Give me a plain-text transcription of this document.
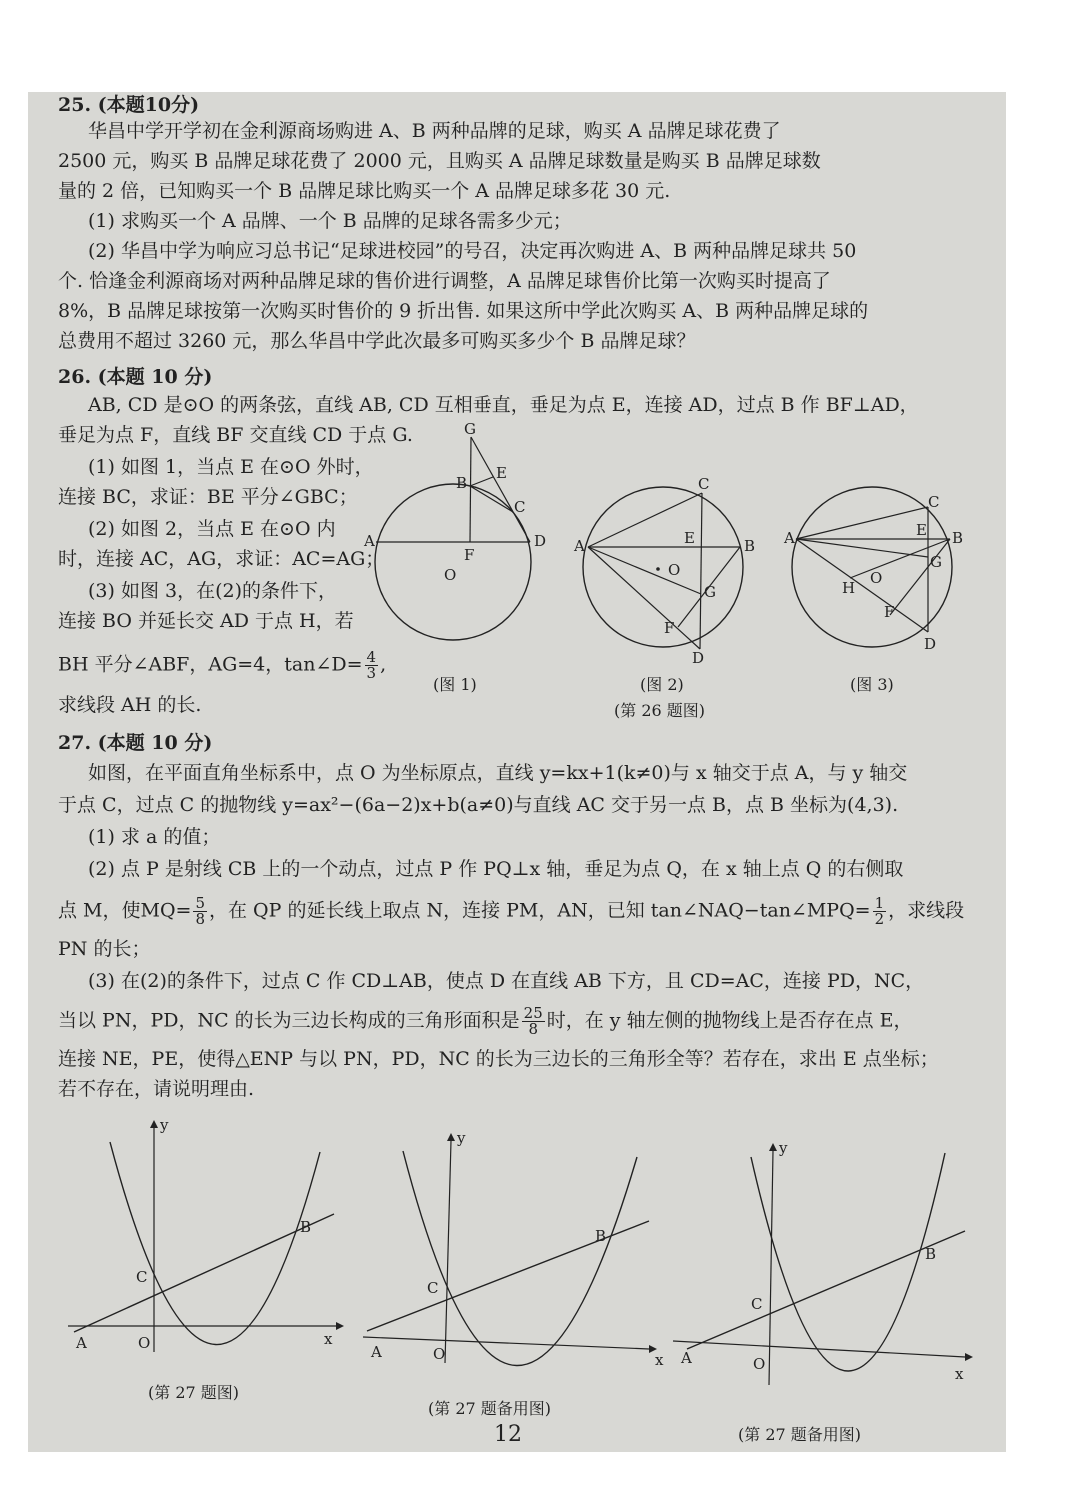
25. (本题10分)
华昌中学开学初在金利源商场购进 A、B 两种品牌的足球，购买 A 品牌足球花费了
2500 元，购买 B 品牌足球花费了 2000 元，且购买 A 品牌足球数量是购买 B 品牌足球数
量的 2 倍，已知购买一个 B 品牌足球比购买一个 A 品牌足球多花 30 元.
(1) 求购买一个 A 品牌、一个 B 品牌的足球各需多少元；
(2) 华昌中学为响应习总书记“足球进校园”的号召，决定再次购进 A、B 两种品牌足球共 50
个. 恰逢金利源商场对两种品牌足球的售价进行调整，A 品牌足球售价比第一次购买时提高了
8%，B 品牌足球按第一次购买时售价的 9 折出售. 如果这所中学此次购买 A、B 两种品牌足球的
总费用不超过 3260 元，那么华昌中学此次最多可购买多少个 B 品牌足球？
26. (本题 10 分)
AB, CD 是⊙O 的两条弦，直线 AB, CD 互相垂直，垂足为点 E，连接 AD，过点 B 作 BF⊥AD，
垂足为点 F，直线 BF 交直线 CD 于点 G.
(1) 如图 1，当点 E 在⊙O 外时，
连接 BC，求证：BE 平分∠GBC；
(2) 如图 2，当点 E 在⊙O 内
时，连接 AC，AG，求证：AC=AG；
(3) 如图 3，在(2)的条件下，
连接 BO 并延长交 AD 于点 H，若
BH 平分∠ABF，AG=4，tan∠D= $\frac{4}{3}$ ,
求线段 AH 的长.
G
E
B
C
A
F
D
O
C
A	E	B
O
G
F
D
A
C
E B
G
H
O
F
D
(图 1)	(图 2)	(图 3)
(第 26 题图)
27. (本题 10 分)
如图，在平面直角坐标系中，点 O 为坐标原点，直线 y=kx+1(k≠0)与 x 轴交于点 A，与 y 轴交
于点 C，过点 C 的抛物线 y=ax²−(6a−2)x+b(a≠0)与直线 AC 交于另一点 B，点 B 坐标为(4,3).
(1) 求 a 的值；
(2) 点 P 是射线 CB 上的一个动点，过点 P 作 PQ⊥x 轴，垂足为点 Q，在 x 轴上点 Q 的右侧取
点 M，使$MQ= \frac{5}{8}$ ，在 QP 的延长线上取点 N，连接 PM，AN，已知 tan∠NAQ−tan∠MPQ= $\frac{1}{2}$ ，求线段
PN 的长；
(3) 在(2)的条件下，过点 C 作 CD⊥AB，使点 D 在直线 AB 下方，且 CD=AC，连接 PD，NC，
当以 PN，PD，NC 的长为三边长构成的三角形面积是 $\frac{25}{8}$ 时，在 y 轴左侧的抛物线上是否存在点 E，
连接 NE，PE，使得△ENP 与以 PN，PD，NC 的长为三边长的三角形全等？若存在，求出 E 点坐标；
若不存在，请说明理由.
y
x
O
A
C
B
(第 27 题图)
y
x
O
A
C
B
(第 27 题备用图)
y
x
O
A
C
B
(第 27 题备用图)
12
